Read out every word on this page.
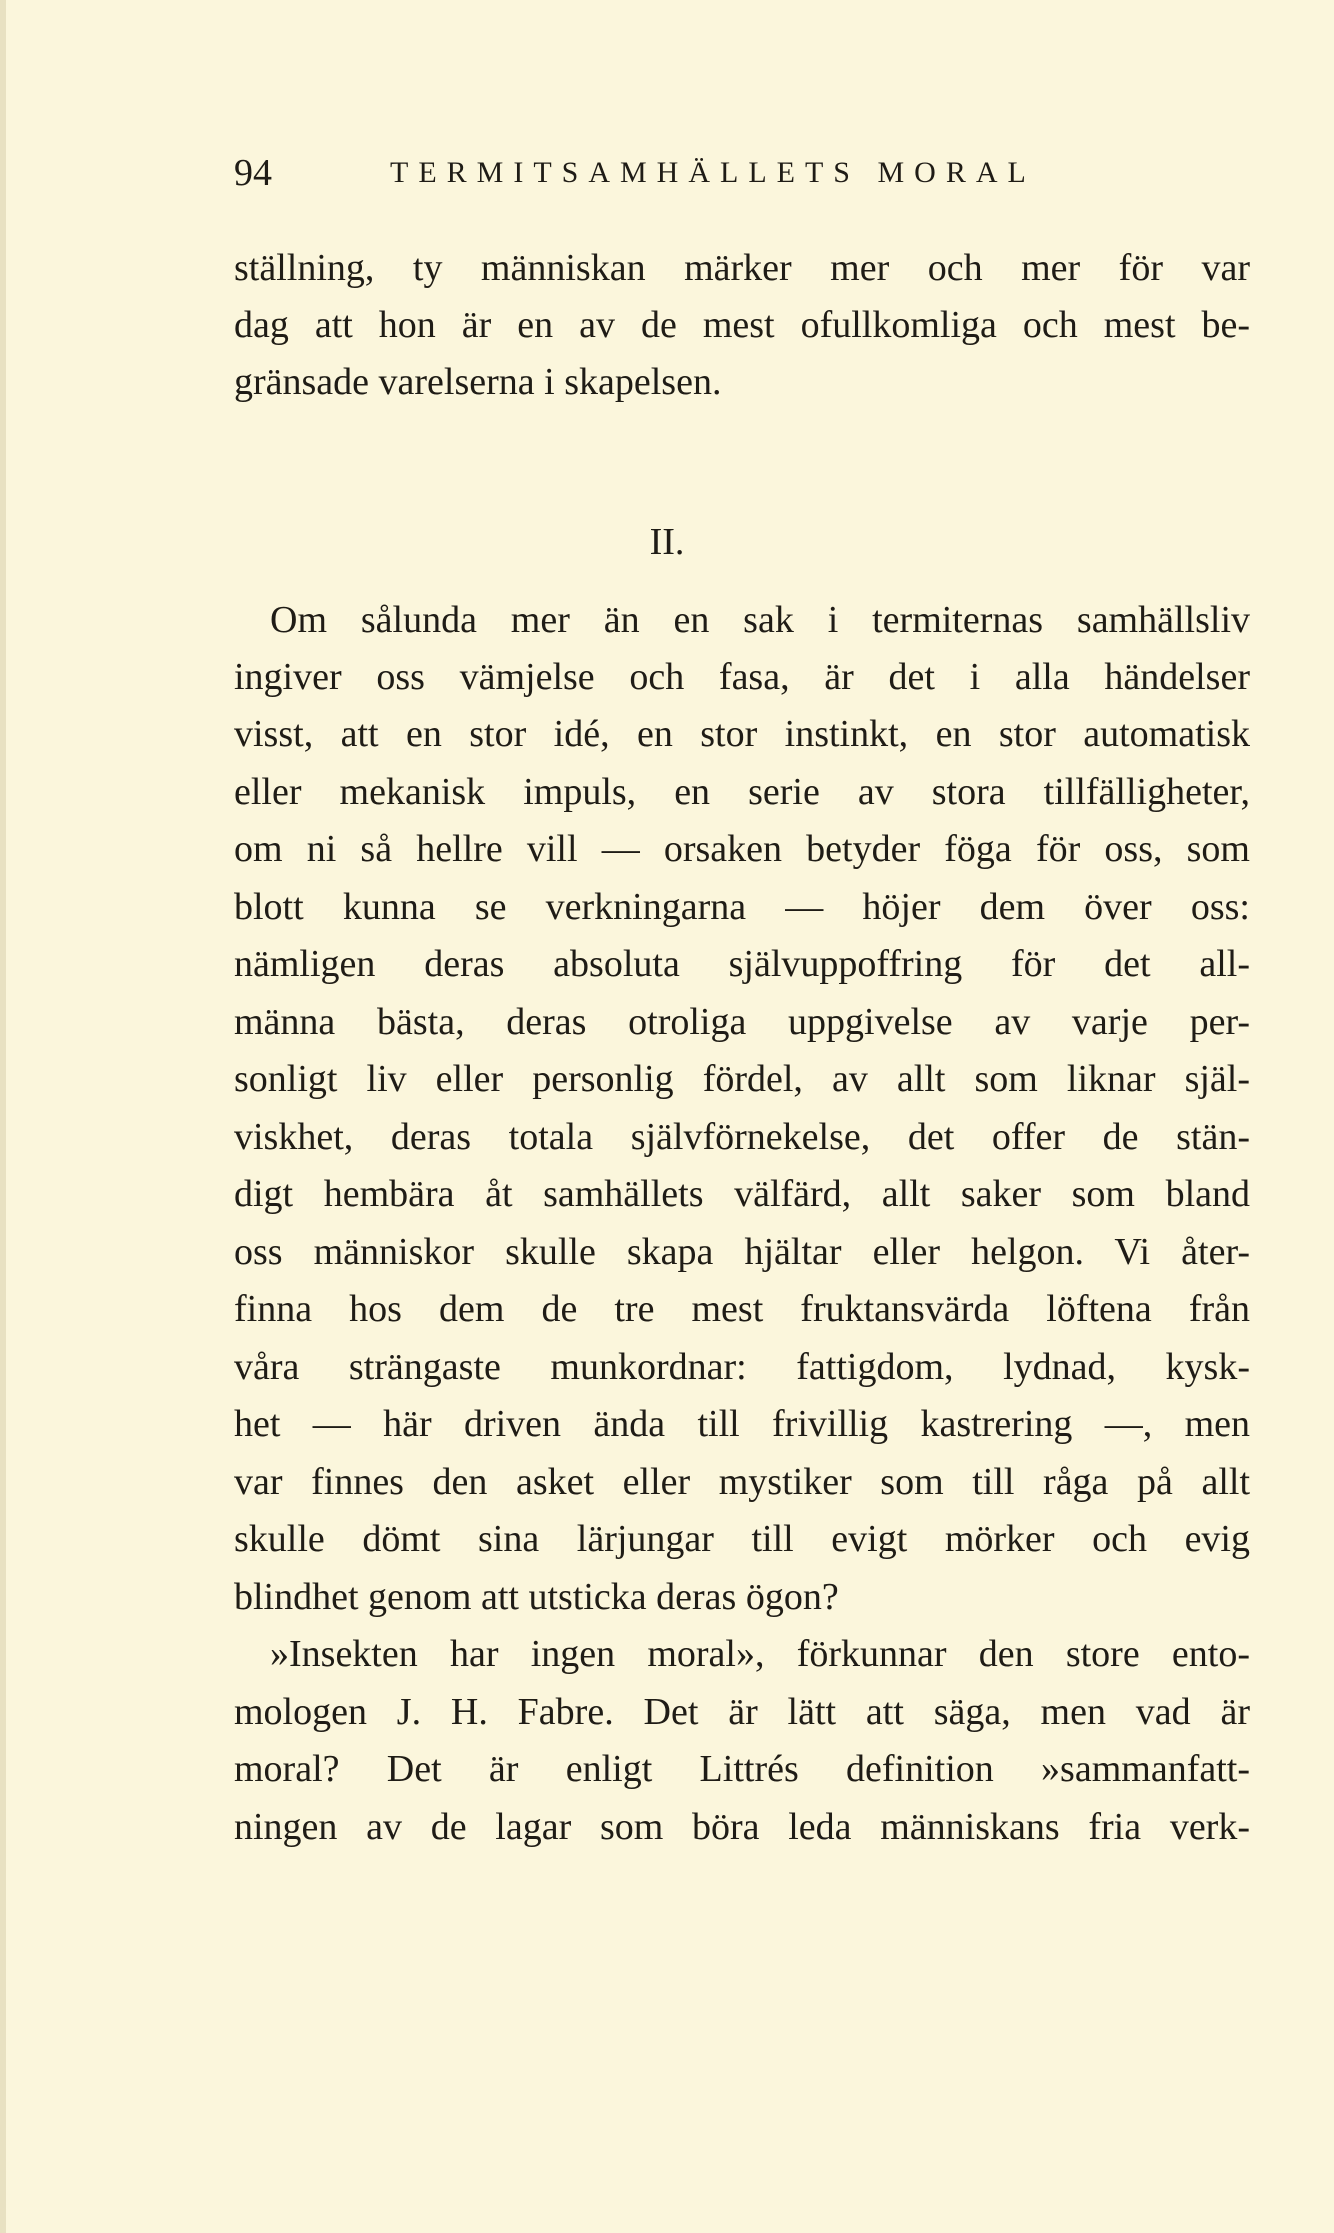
94	TERMITSAMHÄLLETS MORAL
ställning, ty människan märker mer och mer för var
dag att hon är en av de mest ofullkomliga och mest be-
gränsade varelserna i skapelsen.
II.
Om sålunda mer än en sak i termiternas samhällsliv
ingiver oss vämjelse och fasa, är det i alla händelser
visst, att en stor idé, en stor instinkt, en stor automatisk
eller mekanisk impuls, en serie av stora tillfälligheter,
om ni så hellre vill — orsaken betyder föga för oss, som
blott kunna se verkningarna — höjer dem över oss:
nämligen deras absoluta självuppoffring för det all-
männa bästa, deras otroliga uppgivelse av varje per-
sonligt liv eller personlig fördel, av allt som liknar själ-
viskhet, deras totala självförnekelse, det offer de stän-
digt hembära åt samhällets välfärd, allt saker som bland
oss människor skulle skapa hjältar eller helgon. Vi åter-
finna hos dem de tre mest fruktansvärda löftena från
våra strängaste munkordnar: fattigdom, lydnad, kysk-
het — här driven ända till frivillig kastrering —, men
var finnes den asket eller mystiker som till råga på allt
skulle dömt sina lärjungar till evigt mörker och evig
blindhet genom att utsticka deras ögon?
»Insekten har ingen moral», förkunnar den store ento-
mologen J. H. Fabre. Det är lätt att säga, men vad är
moral? Det är enligt Littrés definition »sammanfatt-
ningen av de lagar som böra leda människans fria verk-
